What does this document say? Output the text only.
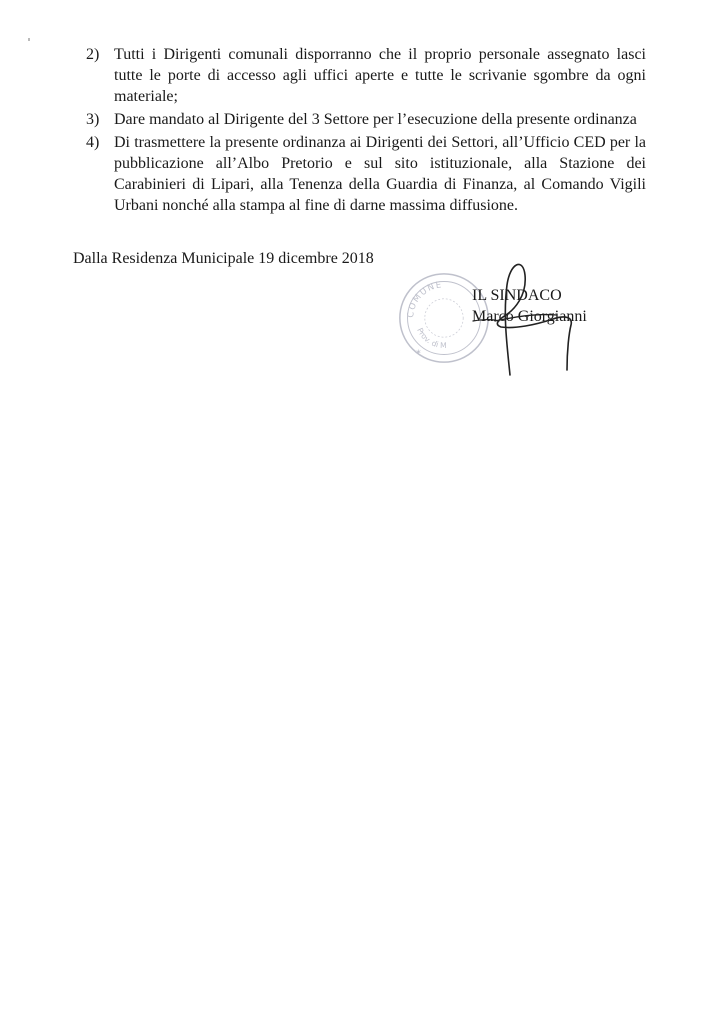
2) Tutti i Dirigenti comunali disporranno che il proprio personale assegnato lasci tutte le porte di accesso agli uffici aperte e tutte le scrivanie sgombre da ogni materiale;
3) Dare mandato al Dirigente del 3 Settore per l’esecuzione della presente ordinanza
4) Di trasmettere la presente ordinanza ai Dirigenti dei Settori, all’Ufficio CED per la pubblicazione all’Albo Pretorio e sul sito istituzionale, alla Stazione dei Carabinieri di Lipari, alla Tenenza della Guardia di Finanza, al Comando Vigili Urbani nonché alla stampa al fine di darne massima diffusione.
Dalla Residenza Municipale 19 dicembre 2018
COMUNE
Prov. di M
✶
IL SINDACO
Marco Giorgianni
